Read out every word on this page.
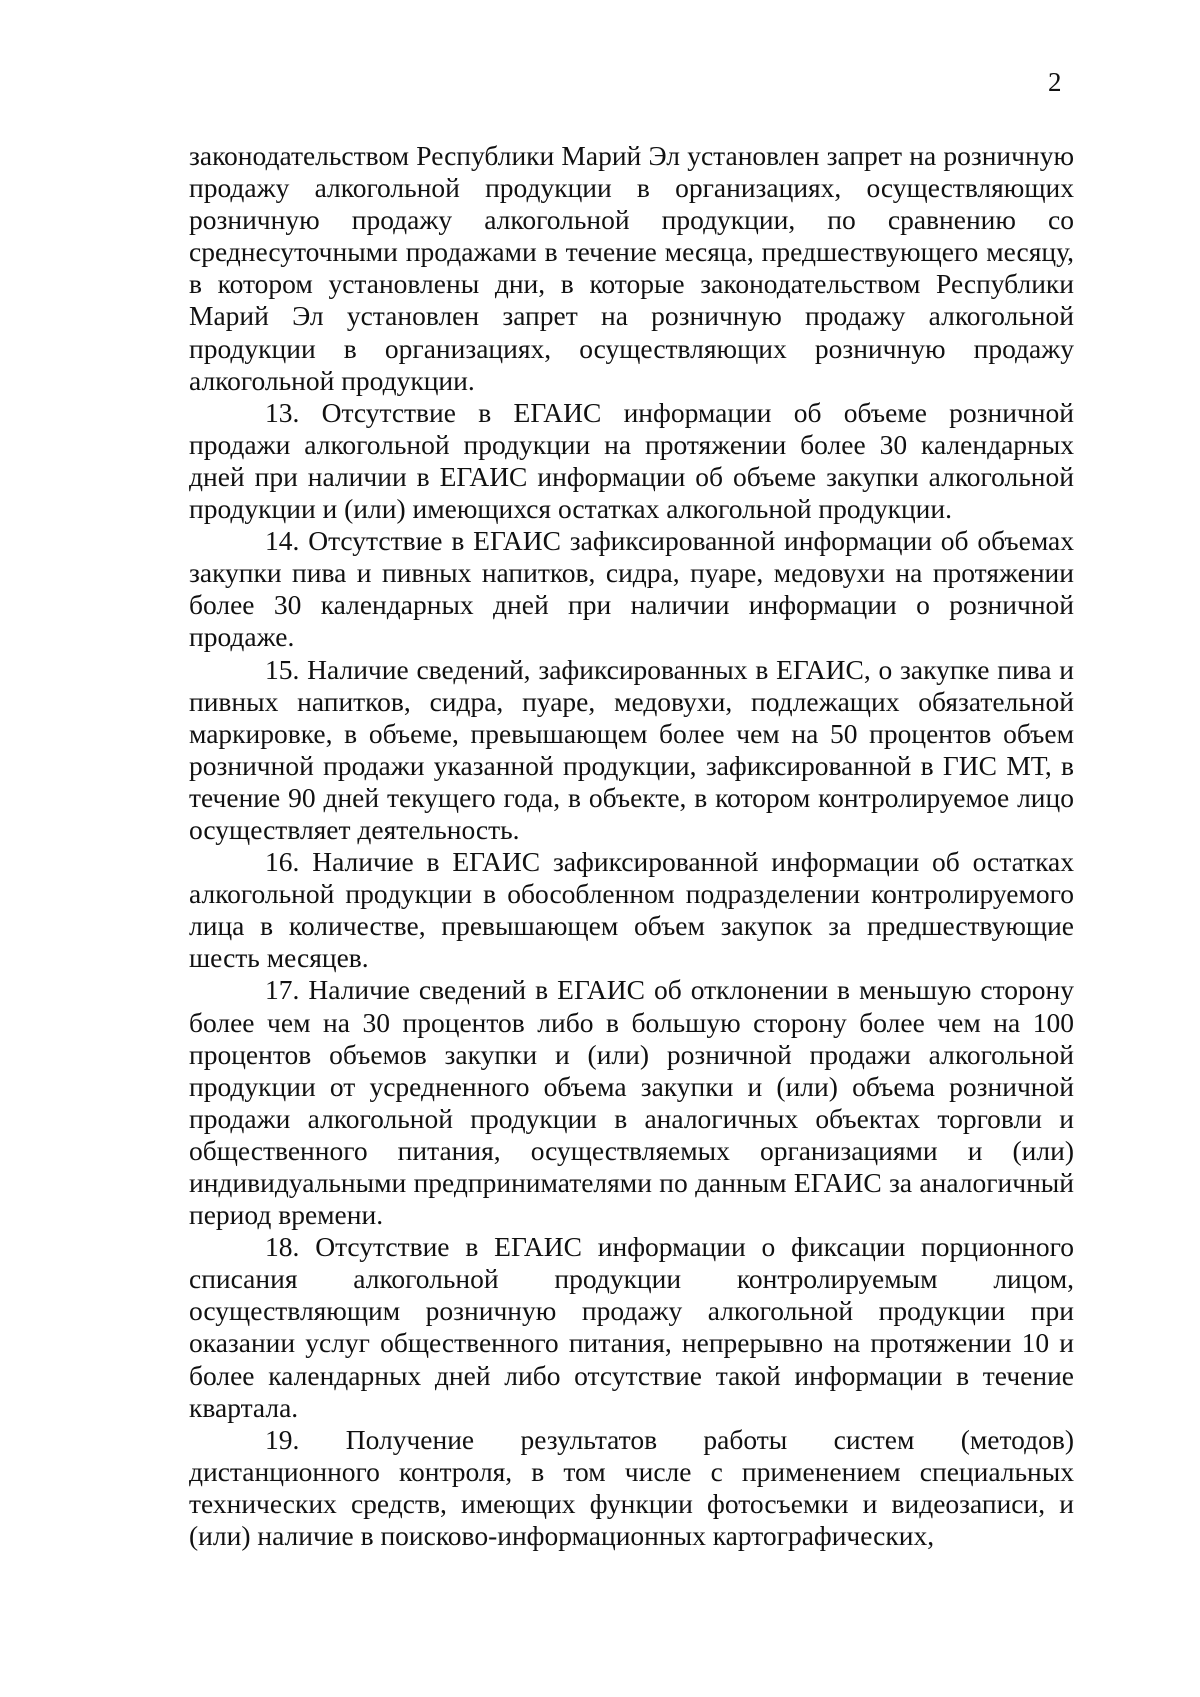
2

законодательством Республики Марий Эл установлен запрет на розничную продажу алкогольной продукции в организациях, осуществляющих розничную продажу алкогольной продукции, по сравнению со среднесуточными продажами в течение месяца, предшествующего месяцу, в котором установлены дни, в которые законодательством Республики Марий Эл установлен запрет на розничную продажу алкогольной продукции в организациях, осуществляющих розничную продажу алкогольной продукции.

13. Отсутствие в ЕГАИС информации об объеме розничной продажи алкогольной продукции на протяжении более 30 календарных дней при наличии в ЕГАИС информации об объеме закупки алкогольной продукции и (или) имеющихся остатках алкогольной продукции.

14. Отсутствие в ЕГАИС зафиксированной информации об объемах закупки пива и пивных напитков, сидра, пуаре, медовухи на протяжении более 30 календарных дней при наличии информации о розничной продаже.

15. Наличие сведений, зафиксированных в ЕГАИС, о закупке пива и пивных напитков, сидра, пуаре, медовухи, подлежащих обязательной маркировке, в объеме, превышающем более чем на 50 процентов объем розничной продажи указанной продукции, зафиксированной в ГИС МТ, в течение 90 дней текущего года, в объекте, в котором контролируемое лицо осуществляет деятельность.

16. Наличие в ЕГАИС зафиксированной информации об остатках алкогольной продукции в обособленном подразделении контролируемого лица в количестве, превышающем объем закупок за предшествующие шесть месяцев.

17. Наличие сведений в ЕГАИС об отклонении в меньшую сторону более чем на 30 процентов либо в большую сторону более чем на 100 процентов объемов закупки и (или) розничной продажи алкогольной продукции от усредненного объема закупки и (или) объема розничной продажи алкогольной продукции в аналогичных объектах торговли и общественного питания, осуществляемых организациями и (или) индивидуальными предпринимателями по данным ЕГАИС за аналогичный период времени.

18. Отсутствие в ЕГАИС информации о фиксации порционного списания алкогольной продукции контролируемым лицом, осуществляющим розничную продажу алкогольной продукции при оказании услуг общественного питания, непрерывно на протяжении 10 и более календарных дней либо отсутствие такой информации в течение квартала.

19. Получение результатов работы систем (методов) дистанционного контроля, в том числе с применением специальных технических средств, имеющих функции фотосъемки и видеозаписи, и (или) наличие в поисково-информационных картографических,
